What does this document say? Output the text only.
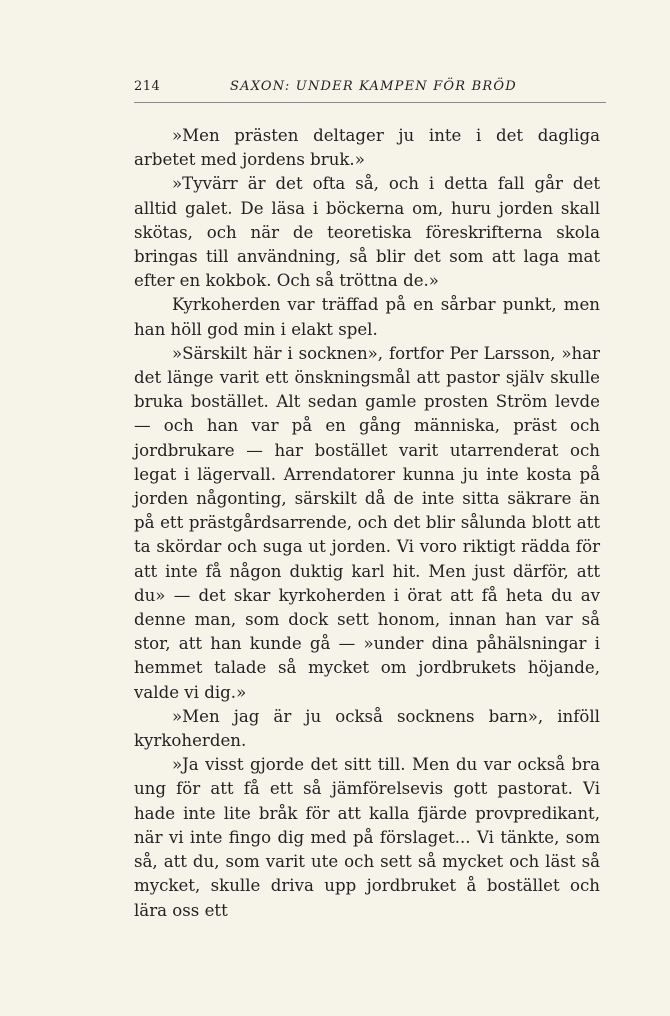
214	SAXON: UNDER KAMPEN FÖR BRÖD

»Men prästen deltager ju inte i det dagliga arbetet med jordens bruk.»

»Tyvärr är det ofta så, och i detta fall går det alltid galet. De läsa i böckerna om, huru jorden skall skötas, och när de teoretiska föreskrifterna skola bringas till användning, så blir det som att laga mat efter en kokbok. Och så tröttna de.»

Kyrkoherden var träffad på en sårbar punkt, men han höll god min i elakt spel.

»Särskilt här i socknen», fortfor Per Larsson, »har det länge varit ett önskningsmål att pastor själv skulle bruka bostället. Alt sedan gamle prosten Ström levde — och han var på en gång människa, präst och jordbrukare — har bostället varit utarrenderat och legat i lägervall. Arrendatorer kunna ju inte kosta på jorden någonting, särskilt då de inte sitta säkrare än på ett prästgårdsarrende, och det blir sålunda blott att ta skördar och suga ut jorden. Vi voro riktigt rädda för att inte få någon duktig karl hit. Men just därför, att du» — det skar kyrkoherden i örat att få heta du av denne man, som dock sett honom, innan han var så stor, att han kunde gå — »under dina påhälsningar i hemmet talade så mycket om jordbrukets höjande, valde vi dig.»

»Men jag är ju också socknens barn», inföll kyrkoherden.

»Ja visst gjorde det sitt till. Men du var också bra ung för att få ett så jämförelsevis gott pastorat. Vi hade inte lite bråk för att kalla fjärde provpredikant, när vi inte fingo dig med på förslaget... Vi tänkte, som så, att du, som varit ute och sett så mycket och läst så mycket, skulle driva upp jordbruket å bostället och lära oss ett
